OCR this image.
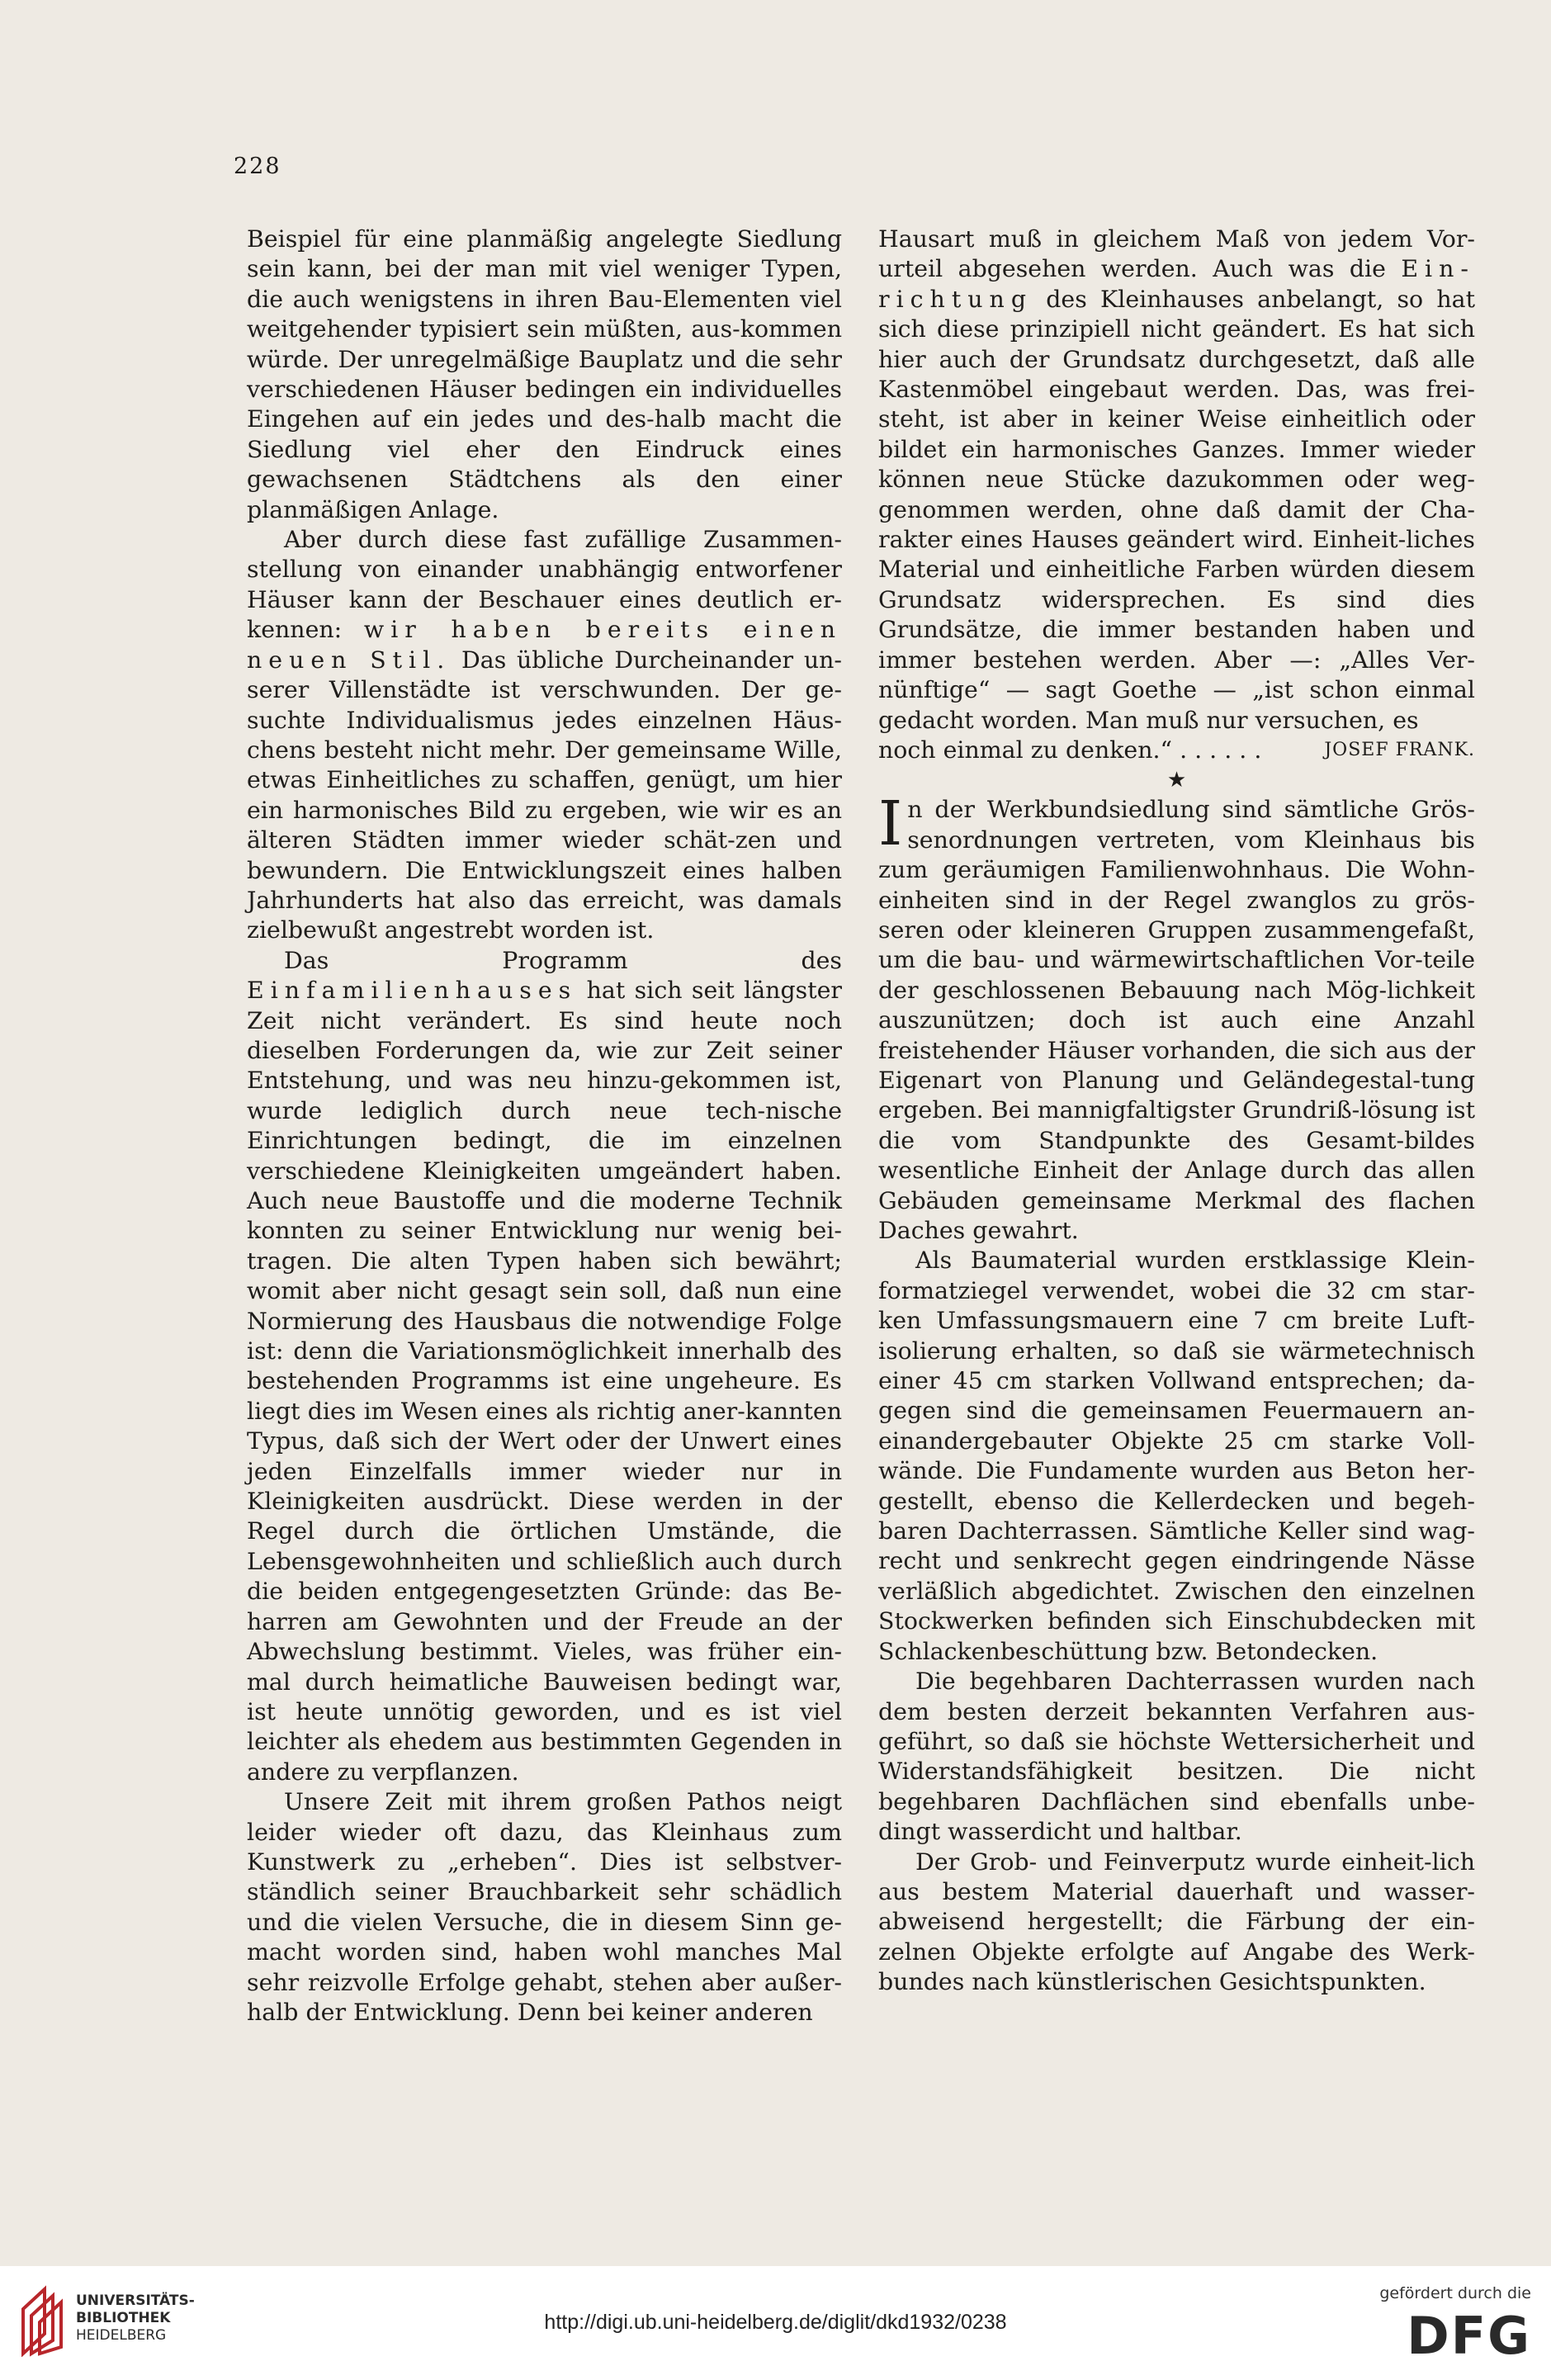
228

Beispiel für eine planmäßig angelegte Siedlung sein kann, bei der man mit viel weniger Typen, die auch wenigstens in ihren Bau-Elementen viel weitgehender typisiert sein müßten, aus-kommen würde. Der unregelmäßige Bauplatz und die sehr verschiedenen Häuser bedingen ein individuelles Eingehen auf ein jedes und des-halb macht die Siedlung viel eher den Eindruck eines gewachsenen Städtchens als den einer planmäßigen Anlage.

Aber durch diese fast zufällige Zusammen-stellung von einander unabhängig entworfener Häuser kann der Beschauer eines deutlich er-kennen: wir haben bereits einen neuen Stil. Das übliche Durcheinander un-serer Villenstädte ist verschwunden. Der ge-suchte Individualismus jedes einzelnen Häus-chens besteht nicht mehr. Der gemeinsame Wille, etwas Einheitliches zu schaffen, genügt, um hier ein harmonisches Bild zu ergeben, wie wir es an älteren Städten immer wieder schät-zen und bewundern. Die Entwicklungszeit eines halben Jahrhunderts hat also das erreicht, was damals zielbewußt angestrebt worden ist.

Das Programm des Einfamilienhauses hat sich seit längster Zeit nicht verändert. Es sind heute noch dieselben Forderungen da, wie zur Zeit seiner Entstehung, und was neu hinzu-gekommen ist, wurde lediglich durch neue tech-nische Einrichtungen bedingt, die im einzelnen verschiedene Kleinigkeiten umgeändert haben. Auch neue Baustoffe und die moderne Technik konnten zu seiner Entwicklung nur wenig bei-tragen. Die alten Typen haben sich bewährt; womit aber nicht gesagt sein soll, daß nun eine Normierung des Hausbaus die notwendige Folge ist: denn die Variationsmöglichkeit innerhalb des bestehenden Programms ist eine ungeheure. Es liegt dies im Wesen eines als richtig aner-kannten Typus, daß sich der Wert oder der Unwert eines jeden Einzelfalls immer wieder nur in Kleinigkeiten ausdrückt. Diese werden in der Regel durch die örtlichen Umstände, die Lebensgewohnheiten und schließlich auch durch die beiden entgegengesetzten Gründe: das Be-harren am Gewohnten und der Freude an der Abwechslung bestimmt. Vieles, was früher ein-mal durch heimatliche Bauweisen bedingt war, ist heute unnötig geworden, und es ist viel leichter als ehedem aus bestimmten Gegenden in andere zu verpflanzen.

Unsere Zeit mit ihrem großen Pathos neigt leider wieder oft dazu, das Kleinhaus zum Kunstwerk zu „erheben“. Dies ist selbstver-ständlich seiner Brauchbarkeit sehr schädlich und die vielen Versuche, die in diesem Sinn ge-macht worden sind, haben wohl manches Mal sehr reizvolle Erfolge gehabt, stehen aber außer-halb der Entwicklung. Denn bei keiner anderen

Hausart muß in gleichem Maß von jedem Vor-urteil abgesehen werden. Auch was die Ein-richtung des Kleinhauses anbelangt, so hat sich diese prinzipiell nicht geändert. Es hat sich hier auch der Grundsatz durchgesetzt, daß alle Kastenmöbel eingebaut werden. Das, was frei-steht, ist aber in keiner Weise einheitlich oder bildet ein harmonisches Ganzes. Immer wieder können neue Stücke dazukommen oder weg-genommen werden, ohne daß damit der Cha-rakter eines Hauses geändert wird. Einheit-liches Material und einheitliche Farben würden diesem Grundsatz widersprechen. Es sind dies Grundsätze, die immer bestanden haben und immer bestehen werden. Aber —: „Alles Ver-nünftige“ — sagt Goethe — „ist schon einmal gedacht worden. Man muß nur versuchen, es

noch einmal zu denken.“ . . . . . .	JOSEF FRANK.

★

In der Werkbundsiedlung sind sämtliche Grös-senordnungen vertreten, vom Kleinhaus bis zum geräumigen Familienwohnhaus. Die Wohn-einheiten sind in der Regel zwanglos zu grös-seren oder kleineren Gruppen zusammengefaßt, um die bau- und wärmewirtschaftlichen Vor-teile der geschlossenen Bebauung nach Mög-lichkeit auszunützen; doch ist auch eine Anzahl freistehender Häuser vorhanden, die sich aus der Eigenart von Planung und Geländegestal-tung ergeben. Bei mannigfaltigster Grundriß-lösung ist die vom Standpunkte des Gesamt-bildes wesentliche Einheit der Anlage durch das allen Gebäuden gemeinsame Merkmal des flachen Daches gewahrt.

Als Baumaterial wurden erstklassige Klein-formatziegel verwendet, wobei die 32 cm star-ken Umfassungsmauern eine 7 cm breite Luft-isolierung erhalten, so daß sie wärmetechnisch einer 45 cm starken Vollwand entsprechen; da-gegen sind die gemeinsamen Feuermauern an-einandergebauter Objekte 25 cm starke Voll-wände. Die Fundamente wurden aus Beton her-gestellt, ebenso die Kellerdecken und begeh-baren Dachterrassen. Sämtliche Keller sind wag-recht und senkrecht gegen eindringende Nässe verläßlich abgedichtet. Zwischen den einzelnen Stockwerken befinden sich Einschubdecken mit Schlackenbeschüttung bzw. Betondecken.

Die begehbaren Dachterrassen wurden nach dem besten derzeit bekannten Verfahren aus-geführt, so daß sie höchste Wettersicherheit und Widerstandsfähigkeit besitzen. Die nicht begehbaren Dachflächen sind ebenfalls unbe-dingt wasserdicht und haltbar.

Der Grob- und Feinverputz wurde einheit-lich aus bestem Material dauerhaft und wasser-abweisend hergestellt; die Färbung der ein-zelnen Objekte erfolgte auf Angabe des Werk-bundes nach künstlerischen Gesichtspunkten.

UNIVERSITÄTS-
BIBLIOTHEK
HEIDELBERG
http://digi.ub.uni-heidelberg.de/diglit/dkd1932/0238
gefördert durch die
DFG
